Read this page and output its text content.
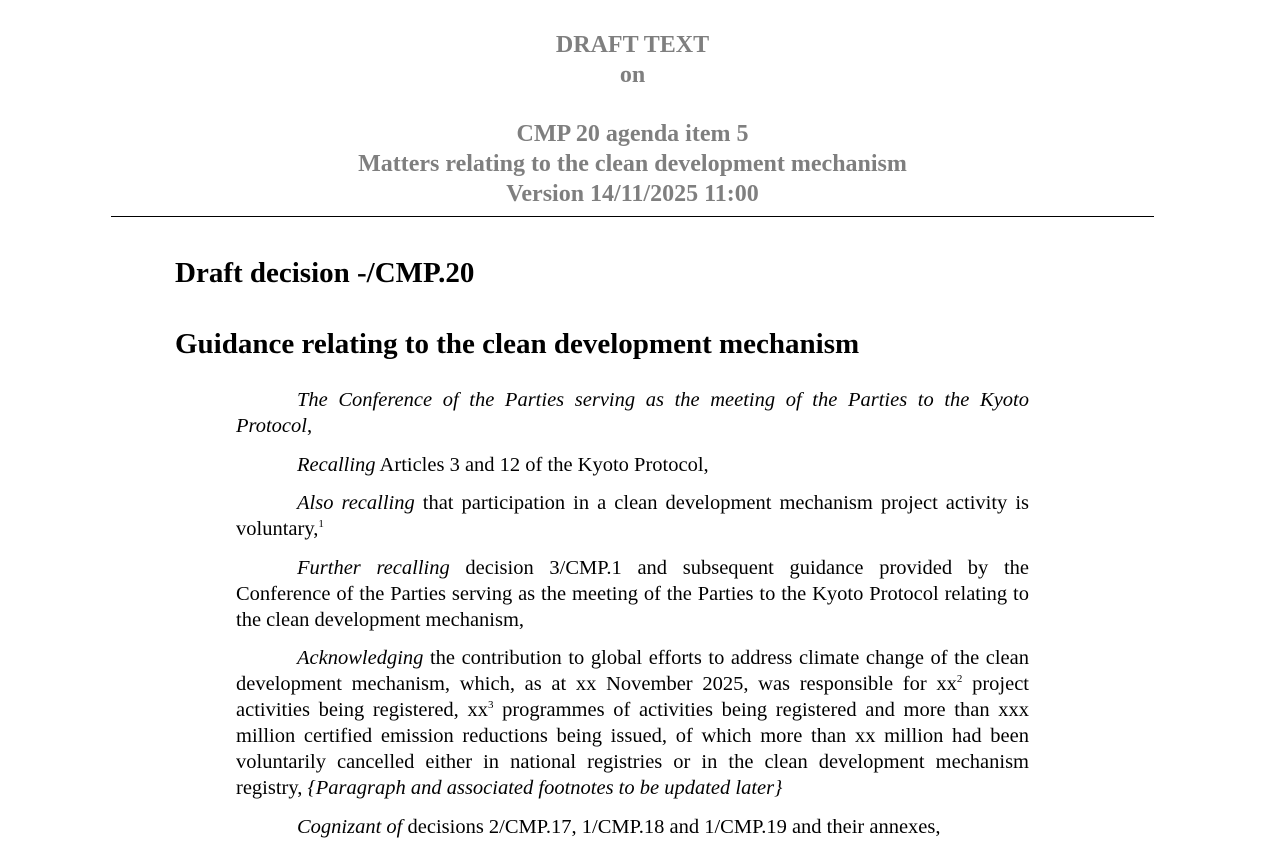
DRAFT TEXT
on
CMP 20 agenda item 5
Matters relating to the clean development mechanism
Version 14/11/2025 11:00
Draft decision -/CMP.20
Guidance relating to the clean development mechanism

The Conference of the Parties serving as the meeting of the Parties to the Kyoto Protocol,

Recalling Articles 3 and 12 of the Kyoto Protocol,

Also recalling that participation in a clean development mechanism project activity is voluntary,$^1$

Further recalling decision 3/CMP.1 and subsequent guidance provided by the Conference of the Parties serving as the meeting of the Parties to the Kyoto Protocol relating to the clean development mechanism,

Acknowledging the contribution to global efforts to address climate change of the clean development mechanism, which, as at xx November 2025, was responsible for $xx^2$ project activities being registered, $xx^3$ programmes of activities being registered and more than xxx million certified emission reductions being issued, of which more than xx million had been voluntarily cancelled either in national registries or in the clean development mechanism registry, {Paragraph and associated footnotes to be updated later}

Cognizant of decisions 2/CMP.17, 1/CMP.18 and 1/CMP.19 and their annexes,
